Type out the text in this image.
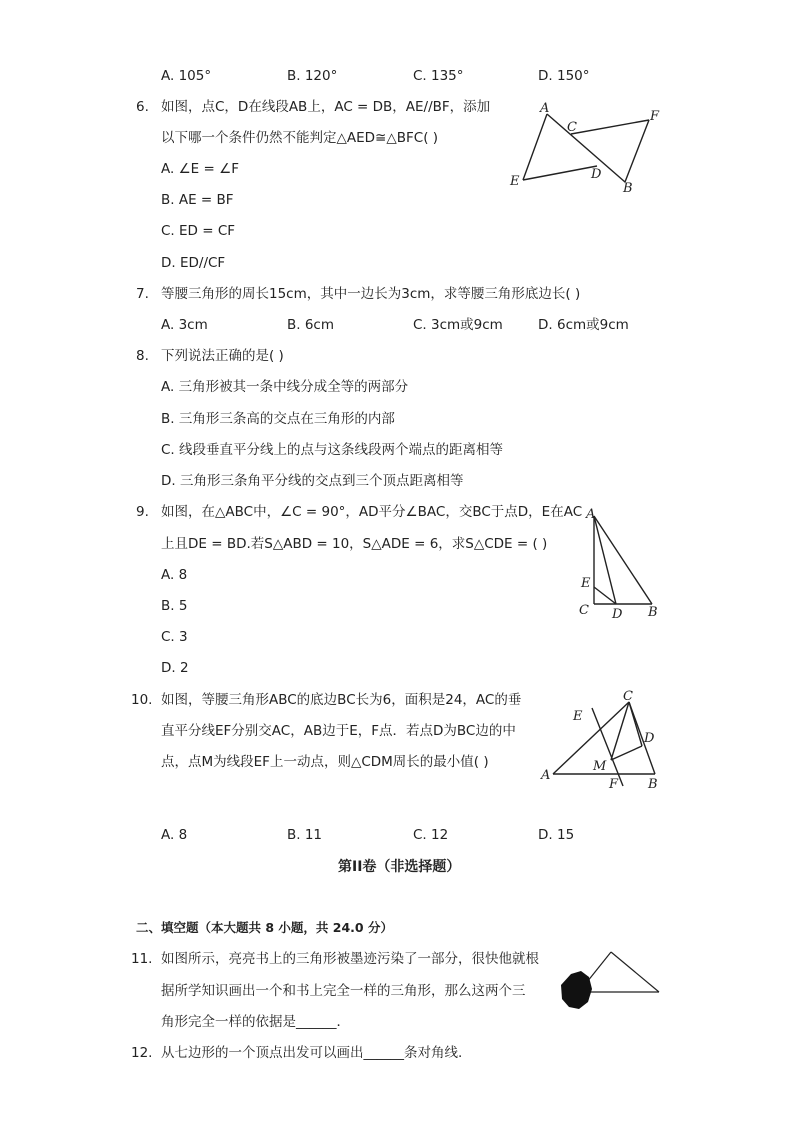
A. 105°	B. 120°	C. 135°	D. 150°
6. 如图，点C，D在线段AB上，AC = DB，AE//BF，添加
以下哪一个条件仍然不能判定△AED≅△BFC( )
A. ∠E = ∠F
B. AE = BF
C. ED = CF
D. ED//CF
A
C
F
E	D
B
7. 等腰三角形的周长15cm，其中一边长为3cm，求等腰三角形底边长( )
A. 3cm	B. 6cm	C. 3cm或9cm	D. 6cm或9cm
8. 下列说法正确的是( )
A. 三角形被其一条中线分成全等的两部分
B. 三角形三条高的交点在三角形的内部
C. 线段垂直平分线上的点与这条线段两个端点的距离相等
D. 三角形三条角平分线的交点到三个顶点距离相等
9. 如图，在△ABC中，∠C = 90°，AD平分∠BAC，交BC于点D，E在AC
上且DE = BD.若S△ABD = 10，S△ADE = 6，求S△CDE = ( )
A. 8
B. 5
C. 3
D. 2
A
E
C D B
10. 如图，等腰三角形ABC的底边BC长为6，面积是24，AC的垂
直平分线EF分别交AC，AB边于E，F点．若点D为BC边的中
点，点M为线段EF上一动点，则△CDM周长的最小值( )
A. 8	B. 11	C. 12	D. 15
C
E
D
M
A
F B
第II卷（非选择题）
二、填空题（本大题共 8 小题，共 24.0 分）
11. 如图所示，亮亮书上的三角形被墨迹污染了一部分，很快他就根
据所学知识画出一个和书上完全一样的三角形，那么这两个三
角形完全一样的依据是______．
12. 从七边形的一个顶点出发可以画出______条对角线.
